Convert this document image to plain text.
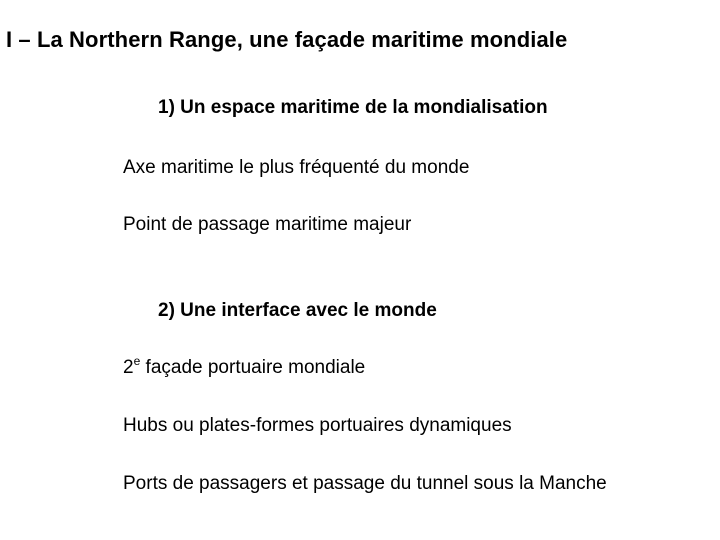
I – La Northern Range, une façade maritime mondiale
1) Un espace maritime de la mondialisation
Axe maritime le plus fréquenté du monde
Point de passage maritime majeur
2) Une interface avec le monde
2e façade portuaire mondiale
Hubs ou plates-formes portuaires dynamiques
Ports de passagers et passage du tunnel sous la Manche
